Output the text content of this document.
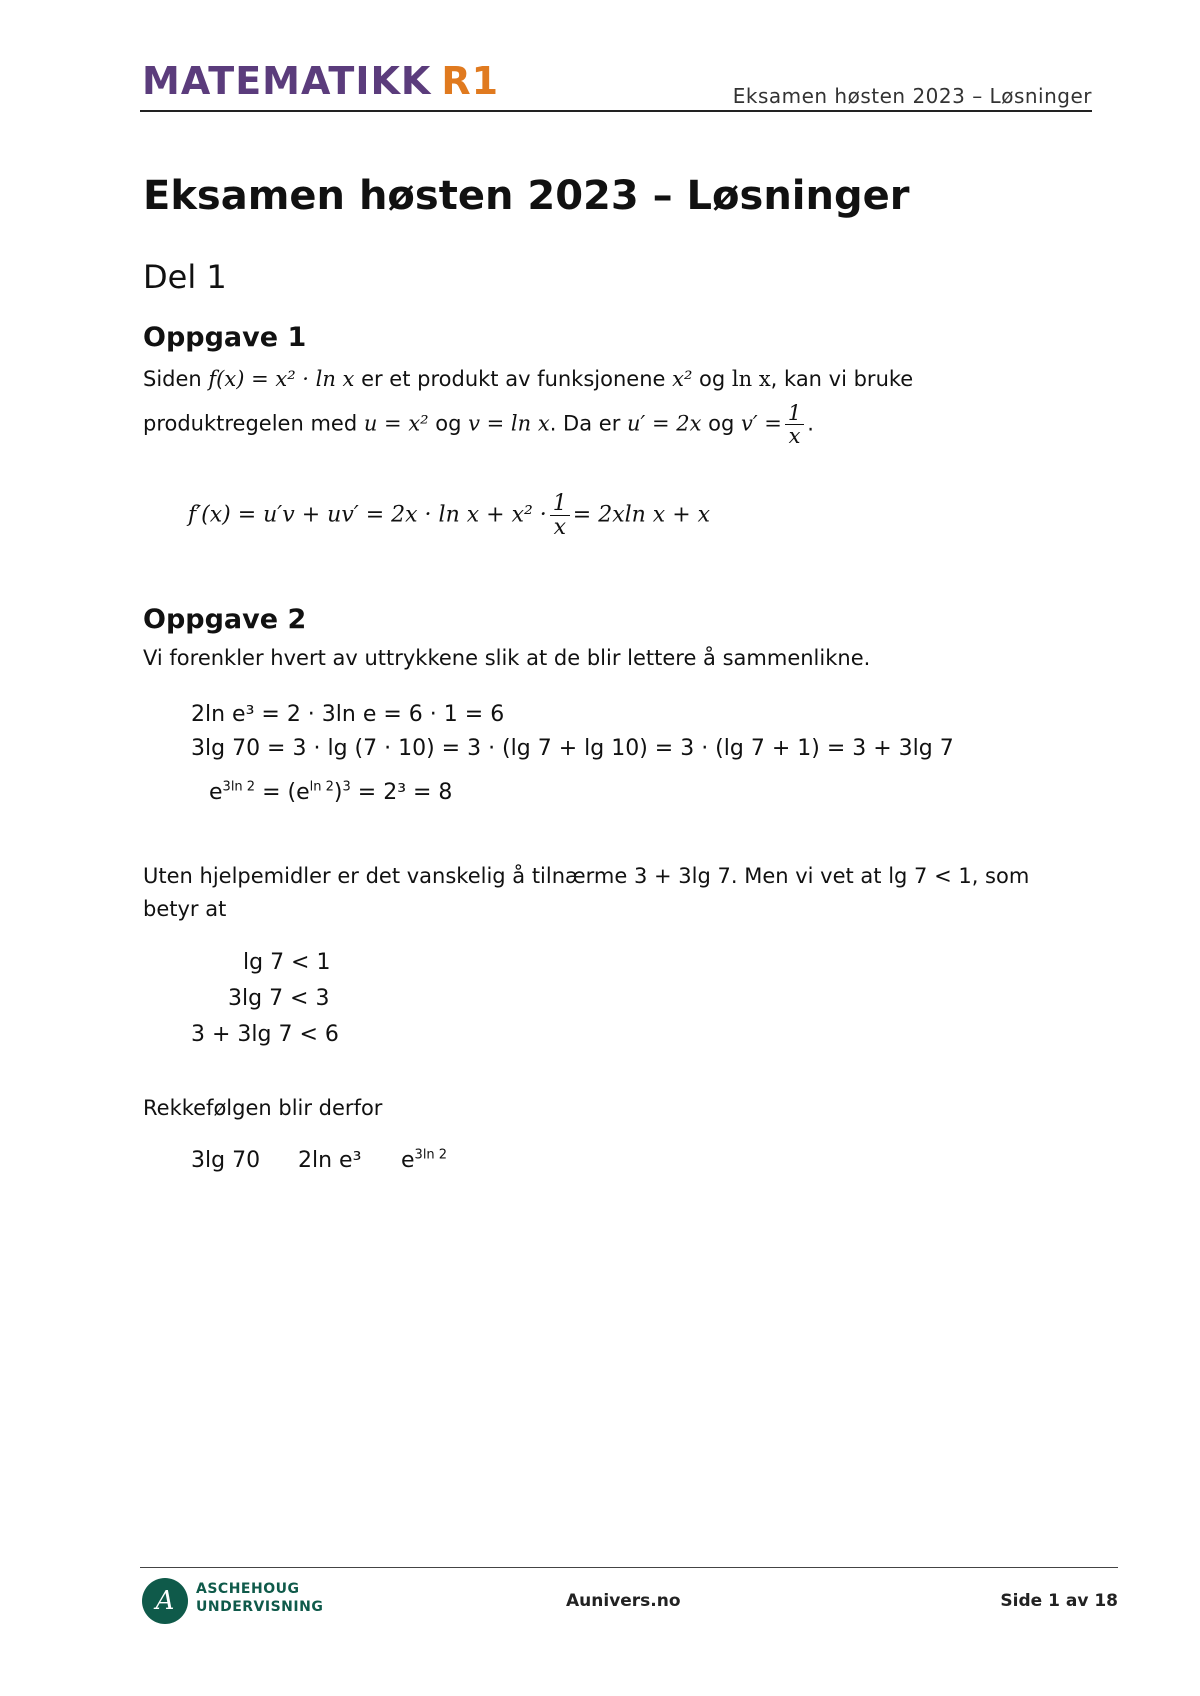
MATEMATIKK R1	Eksamen høsten 2023 – Løsninger
Eksamen høsten 2023 – Løsninger
Del 1
Oppgave 1
Siden f(x) = x² · ln x er et produkt av funksjonene x² og ln x, kan vi bruke
produktregelen med u = x² og v = ln x. Da er u′ = 2x og $v' = \frac{1}{x}$ .
$f'(x) = u'v + uv' = 2x \cdot \ln x + x^2 \cdot \frac{1}{x} = 2xln$ x + x
Oppgave 2
Vi forenkler hvert av uttrykkene slik at de blir lettere å sammenlikne.
2ln e³ = 2 · 3ln e = 6 · 1 = 6
3lg 70 = 3 · lg (7 · 10) = 3 · (lg 7 + lg 10) = 3 · (lg 7 + 1) = 3 + 3lg 7
$e^{3ln 2} = (e^{ln 2})^3 = 2^3 = 8$
Uten hjelpemidler er det vanskelig å tilnærme 3 + 3lg 7. Men vi vet at lg 7 < 1, som betyr at
lg 7 < 1
3lg 7 < 3
3 + 3lg 7 < 6
Rekkefølgen blir derfor
3lg 70 2ln e³ $e^{3ln 2}$
A	ASCHEHOUG
UNDERVISNING	Aunivers.no	Side 1 av 18
